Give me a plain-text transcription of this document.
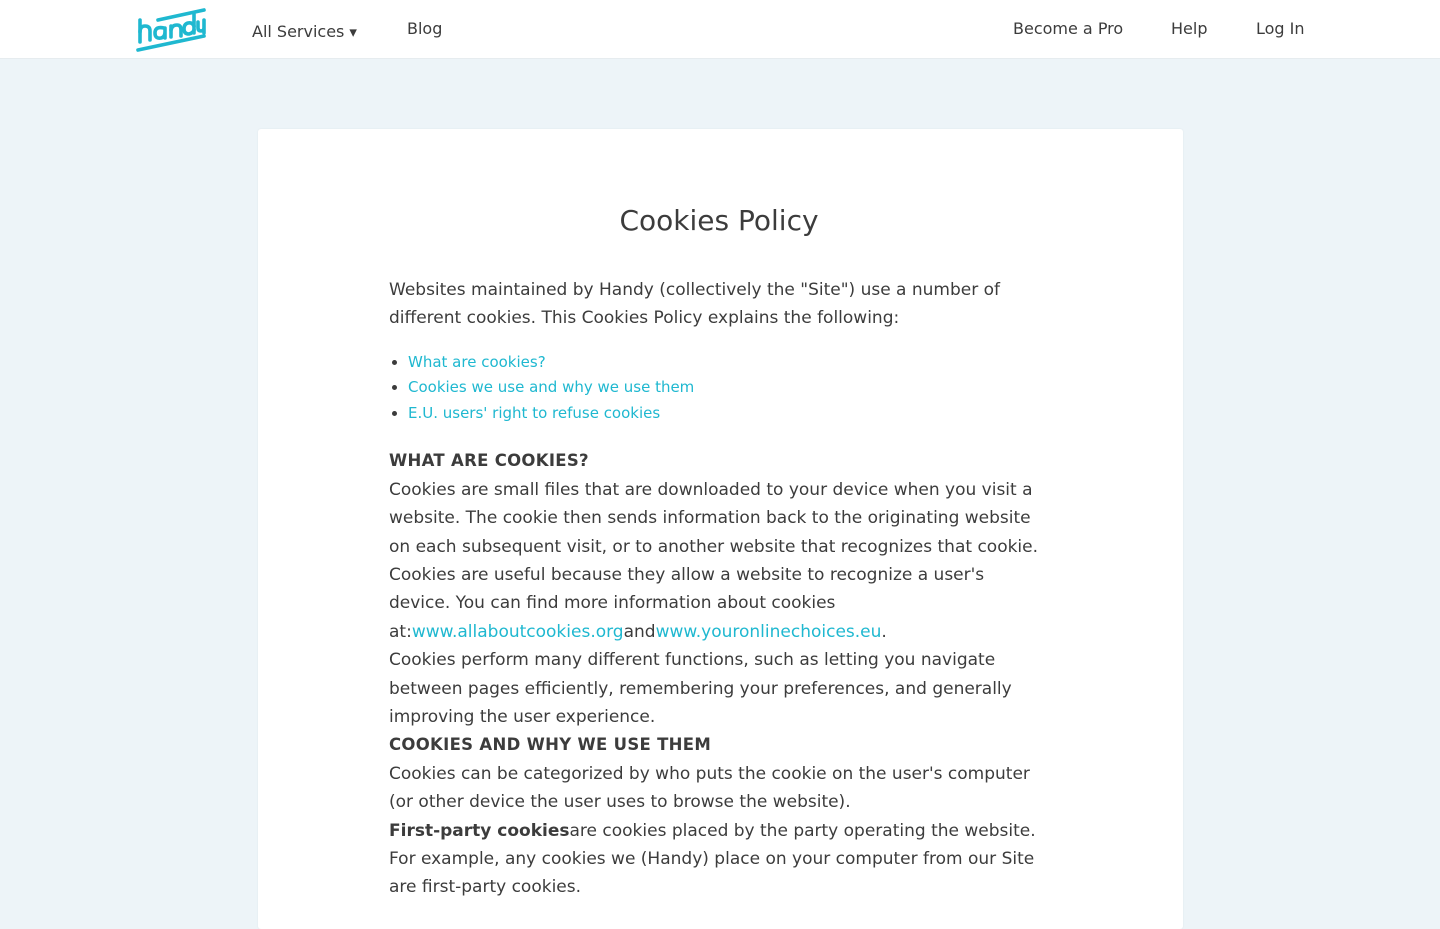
All Services ▾	Blog	Become a Pro	Help	Log In
Cookies Policy

Websites maintained by Handy (collectively the "Site") use a number of different cookies. This Cookies Policy explains the following:

• What are cookies?
• Cookies we use and why we use them
• E.U. users' right to refuse cookies

WHAT ARE COOKIES?

Cookies are small files that are downloaded to your device when you visit a website. The cookie then sends information back to the originating website on each subsequent visit, or to another website that recognizes that cookie. Cookies are useful because they allow a website to recognize a user's device. You can find more information about cookies at:www.allaboutcookies.organdwww.youronlinechoices.eu.

Cookies perform many different functions, such as letting you navigate between pages efficiently, remembering your preferences, and generally improving the user experience.

COOKIES AND WHY WE USE THEM

Cookies can be categorized by who puts the cookie on the user's computer (or other device the user uses to browse the website).

First-party cookiesare cookies placed by the party operating the website. For example, any cookies we (Handy) place on your computer from our Site are first-party cookies.
